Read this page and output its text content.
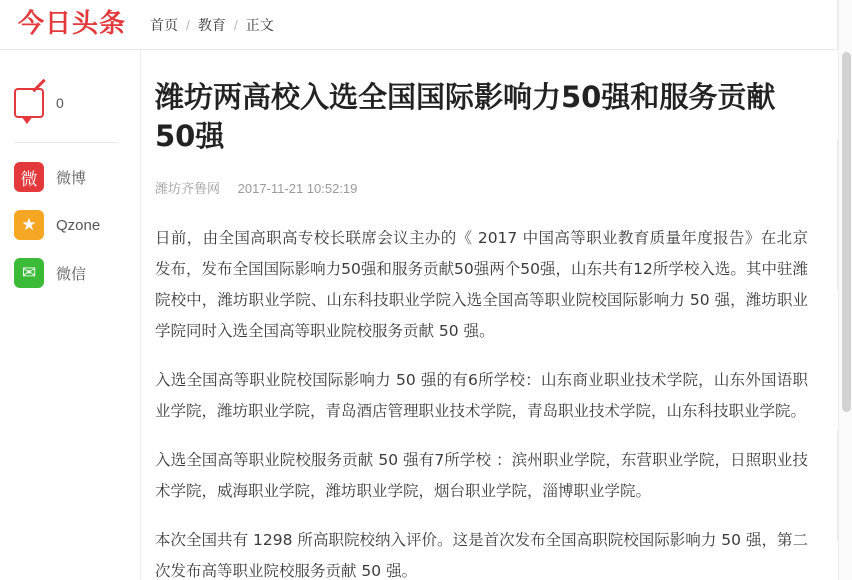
今日头条 首页 / 教育 / 正文
0
微	微博
★	Qzone
✉	微信
潍坊两高校入选全国国际影响力50强和服务贡献50强
潍坊齐鲁网 2017-11-21 10:52:19

日前，由全国高职高专校长联席会议主办的《 2017 中国高等职业教育质量年度报告》在北京发布，发布全国国际影响力50强和服务贡献50强两个50强，山东共有12所学校入选。其中驻潍院校中，潍坊职业学院、山东科技职业学院入选全国高等职业院校国际影响力 50 强，潍坊职业学院同时入选全国高等职业院校服务贡献 50 强。

入选全国高等职业院校国际影响力 50 强的有6所学校：山东商业职业技术学院，山东外国语职业学院，潍坊职业学院，青岛酒店管理职业技术学院，青岛职业技术学院，山东科技职业学院。

入选全国高等职业院校服务贡献 50 强有7所学校 ：滨州职业学院，东营职业学院，日照职业技术学院，威海职业学院，潍坊职业学院，烟台职业学院，淄博职业学院。

本次全国共有 1298 所高职院校纳入评价。这是首次发布全国高职院校国际影响力 50 强，第二次发布高等职业院校服务贡献 50 强。
